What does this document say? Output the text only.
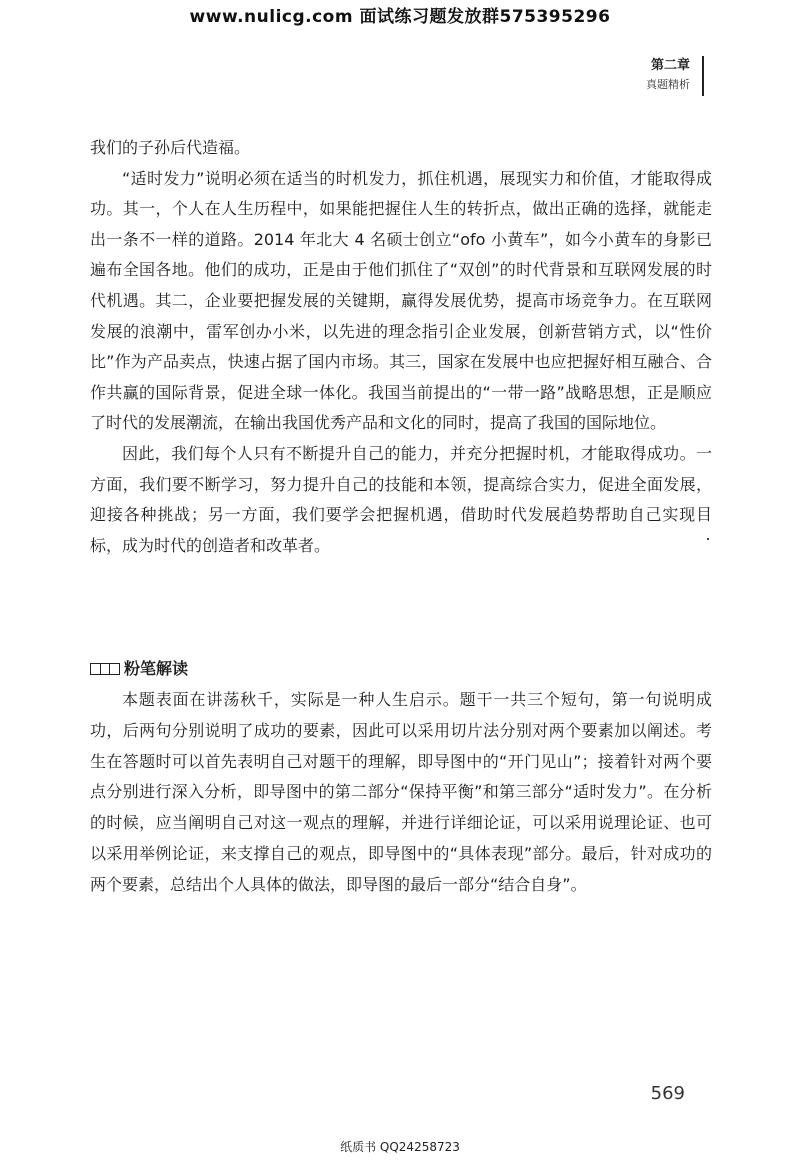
www.nulicg.com 面试练习题发放群575395296
第二章
真题精析

我们的子孙后代造福。

“适时发力”说明必须在适当的时机发力，抓住机遇，展现实力和价值，才能取得成功。其一，个人在人生历程中，如果能把握住人生的转折点，做出正确的选择，就能走出一条不一样的道路。2014 年北大 4 名硕士创立“ofo 小黄车”，如今小黄车的身影已遍布全国各地。他们的成功，正是由于他们抓住了“双创”的时代背景和互联网发展的时代机遇。其二，企业要把握发展的关键期，赢得发展优势，提高市场竞争力。在互联网发展的浪潮中，雷军创办小米，以先进的理念指引企业发展，创新营销方式，以“性价比”作为产品卖点，快速占据了国内市场。其三，国家在发展中也应把握好相互融合、合作共赢的国际背景，促进全球一体化。我国当前提出的“一带一路”战略思想，正是顺应了时代的发展潮流，在输出我国优秀产品和文化的同时，提高了我国的国际地位。

因此，我们每个人只有不断提升自己的能力，并充分把握时机，才能取得成功。一方面，我们要不断学习，努力提升自己的技能和本领，提高综合实力，促进全面发展，迎接各种挑战；另一方面，我们要学会把握机遇，借助时代发展趋势帮助自己实现目标，成为时代的创造者和改革者。

粉笔解读

本题表面在讲荡秋千，实际是一种人生启示。题干一共三个短句，第一句说明成功，后两句分别说明了成功的要素，因此可以采用切片法分别对两个要素加以阐述。考生在答题时可以首先表明自己对题干的理解，即导图中的“开门见山”；接着针对两个要点分别进行深入分析，即导图中的第二部分“保持平衡”和第三部分“适时发力”。在分析的时候，应当阐明自己对这一观点的理解，并进行详细论证，可以采用说理论证、也可以采用举例论证，来支撑自己的观点，即导图中的“具体表现”部分。最后，针对成功的两个要素，总结出个人具体的做法，即导图的最后一部分“结合自身”。

569
纸质书 QQ24258723
